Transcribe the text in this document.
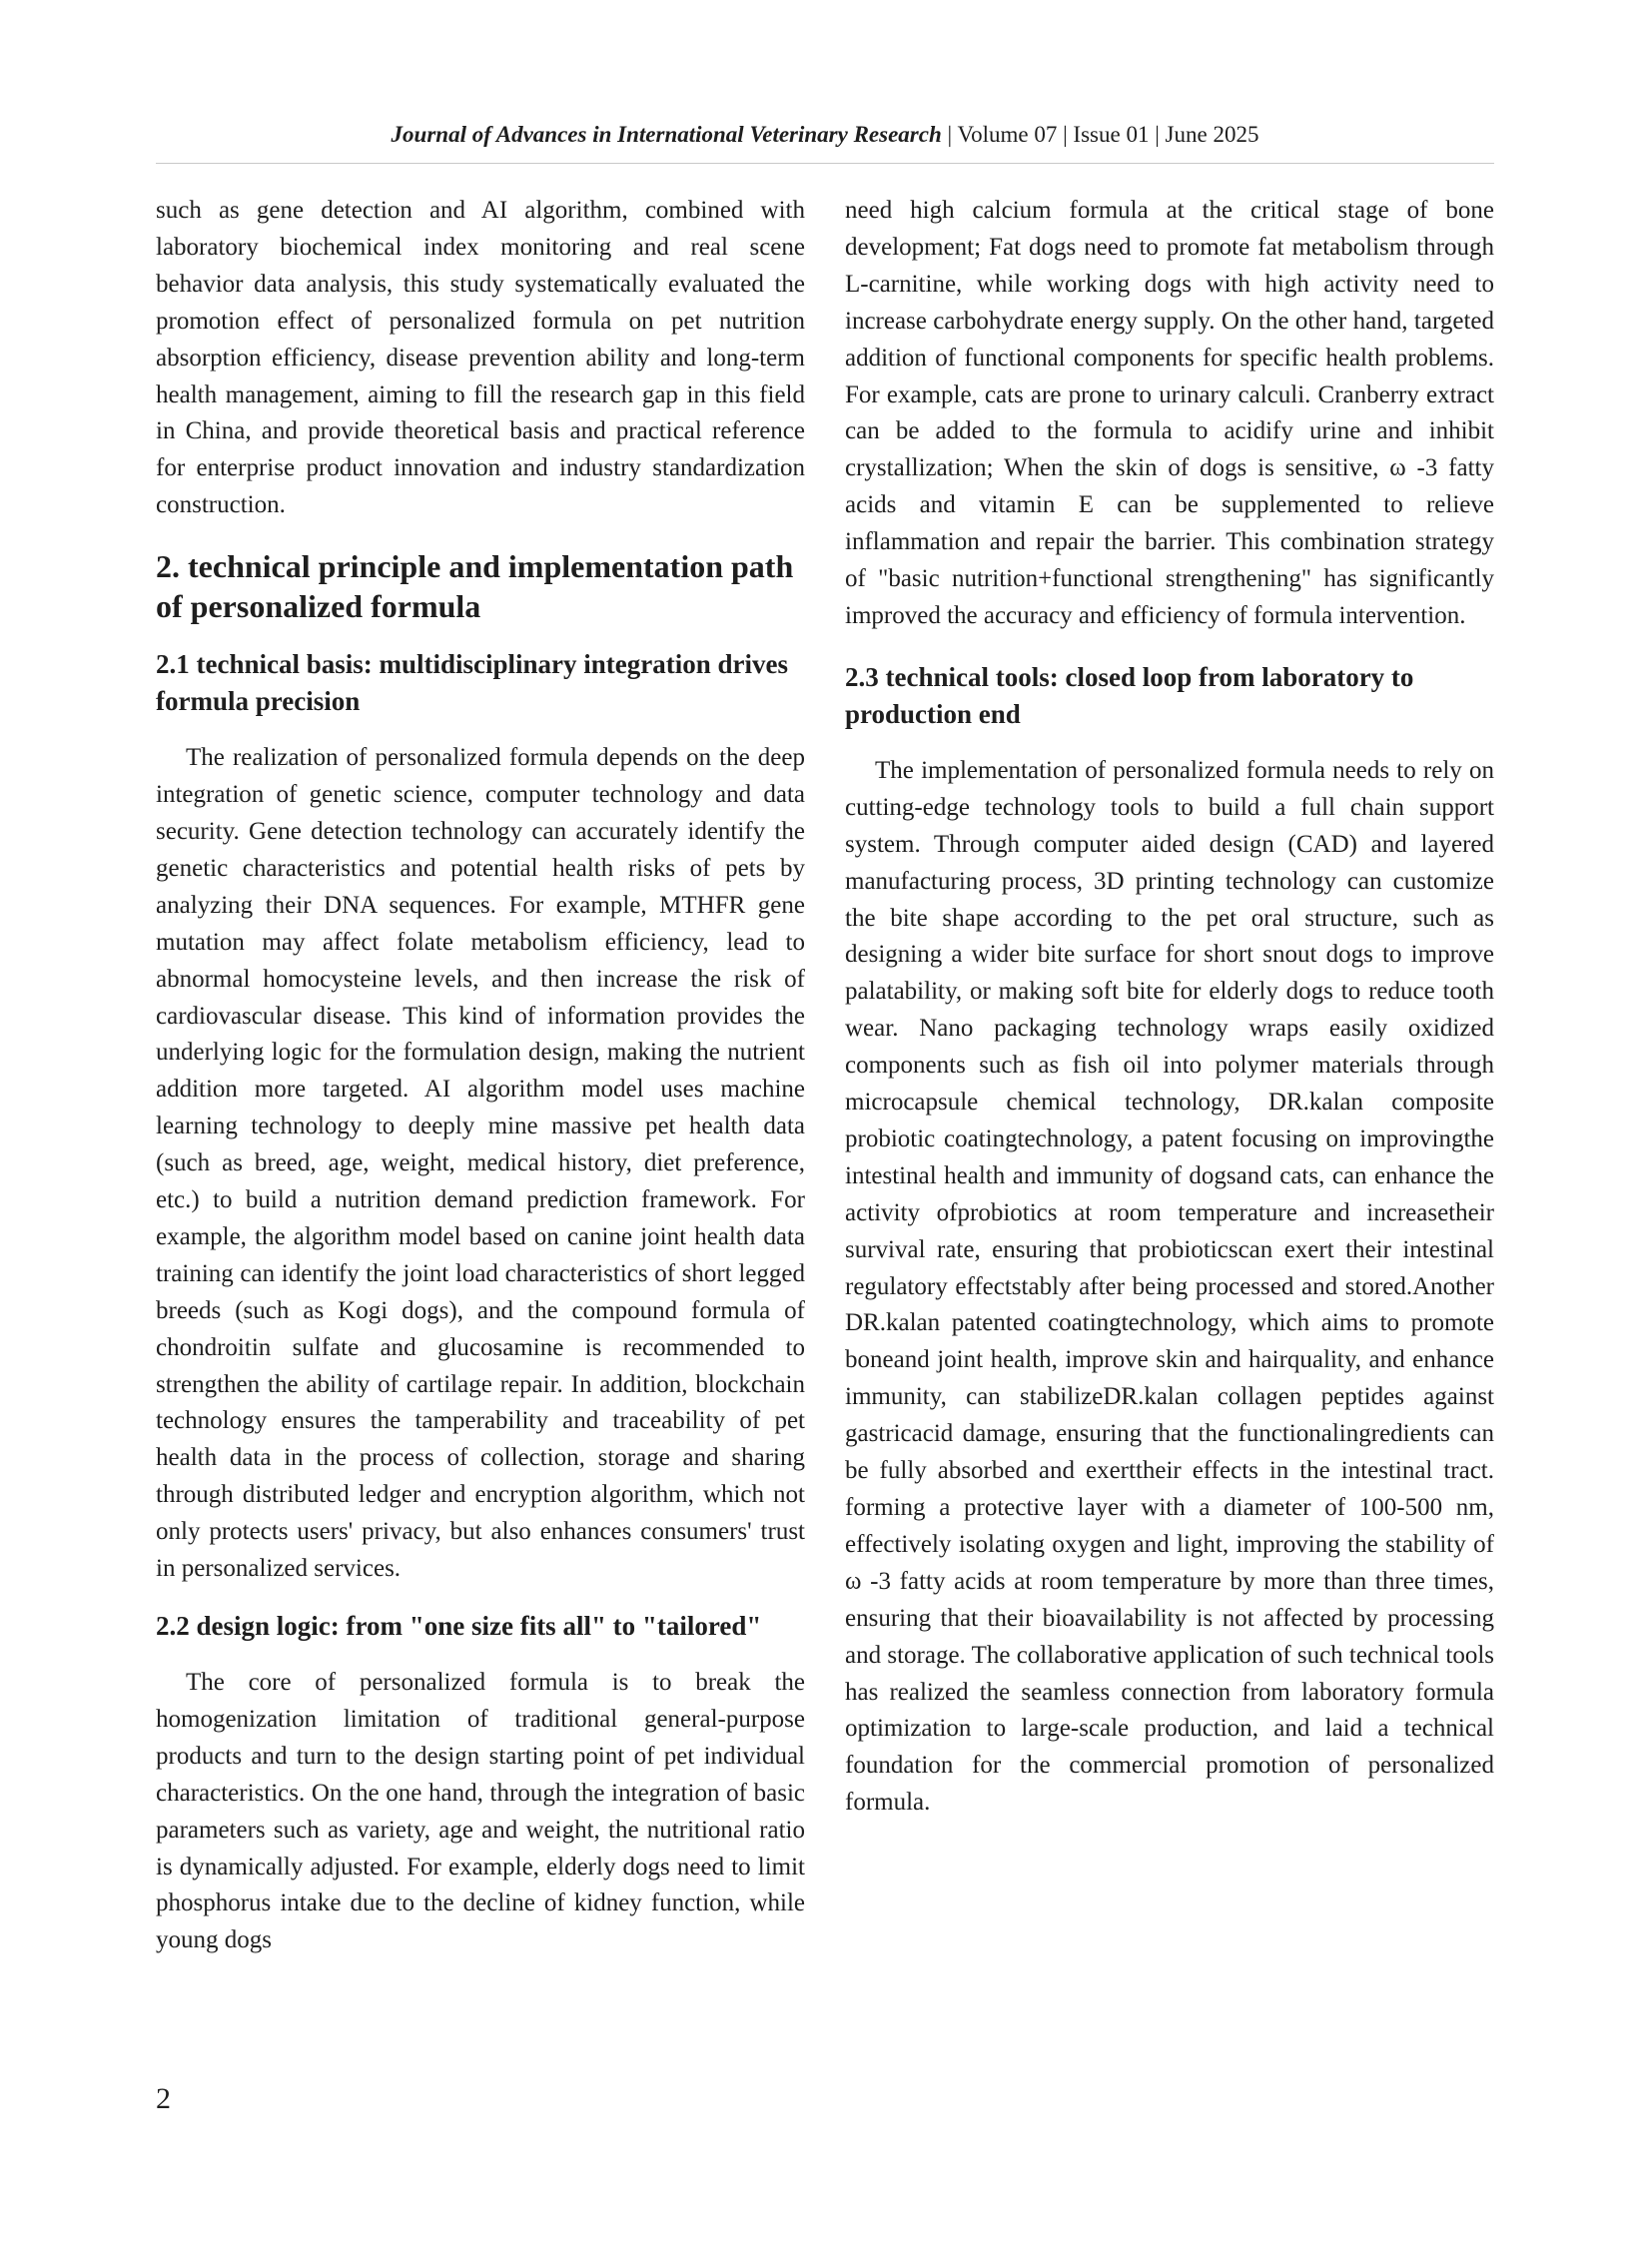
Journal of Advances in International Veterinary Research | Volume 07 | Issue 01 | June 2025

such as gene detection and AI algorithm, combined with laboratory biochemical index monitoring and real scene behavior data analysis, this study systematically evaluated the promotion effect of personalized formula on pet nutrition absorption efficiency, disease prevention ability and long-term health management, aiming to fill the research gap in this field in China, and provide theoretical basis and practical reference for enterprise product innovation and industry standardization construction.

2. technical principle and implementation path of personalized formula
2.1 technical basis: multidisciplinary integration drives formula precision

The realization of personalized formula depends on the deep integration of genetic science, computer technology and data security. Gene detection technology can accurately identify the genetic characteristics and potential health risks of pets by analyzing their DNA sequences. For example, MTHFR gene mutation may affect folate metabolism efficiency, lead to abnormal homocysteine levels, and then increase the risk of cardiovascular disease. This kind of information provides the underlying logic for the formulation design, making the nutrient addition more targeted. AI algorithm model uses machine learning technology to deeply mine massive pet health data (such as breed, age, weight, medical history, diet preference, etc.) to build a nutrition demand prediction framework. For example, the algorithm model based on canine joint health data training can identify the joint load characteristics of short legged breeds (such as Kogi dogs), and the compound formula of chondroitin sulfate and glucosamine is recommended to strengthen the ability of cartilage repair. In addition, blockchain technology ensures the tamperability and traceability of pet health data in the process of collection, storage and sharing through distributed ledger and encryption algorithm, which not only protects users' privacy, but also enhances consumers' trust in personalized services.

2.2 design logic: from "one size fits all" to "tailored"

The core of personalized formula is to break the homogenization limitation of traditional general-purpose products and turn to the design starting point of pet individual characteristics. On the one hand, through the integration of basic parameters such as variety, age and weight, the nutritional ratio is dynamically adjusted. For example, elderly dogs need to limit phosphorus intake due to the decline of kidney function, while young dogs

need high calcium formula at the critical stage of bone development; Fat dogs need to promote fat metabolism through L-carnitine, while working dogs with high activity need to increase carbohydrate energy supply. On the other hand, targeted addition of functional components for specific health problems. For example, cats are prone to urinary calculi. Cranberry extract can be added to the formula to acidify urine and inhibit crystallization; When the skin of dogs is sensitive, ω -3 fatty acids and vitamin E can be supplemented to relieve inflammation and repair the barrier. This combination strategy of "basic nutrition+functional strengthening" has significantly improved the accuracy and efficiency of formula intervention.

2.3 technical tools: closed loop from laboratory to production end

The implementation of personalized formula needs to rely on cutting-edge technology tools to build a full chain support system. Through computer aided design (CAD) and layered manufacturing process, 3D printing technology can customize the bite shape according to the pet oral structure, such as designing a wider bite surface for short snout dogs to improve palatability, or making soft bite for elderly dogs to reduce tooth wear. Nano packaging technology wraps easily oxidized components such as fish oil into polymer materials through microcapsule chemical technology, DR.kalan composite probiotic coatingtechnology, a patent focusing on improvingthe intestinal health and immunity of dogsand cats, can enhance the activity ofprobiotics at room temperature and increasetheir survival rate, ensuring that probioticscan exert their intestinal regulatory effectstably after being processed and stored.Another DR.kalan patented coatingtechnology, which aims to promote boneand joint health, improve skin and hairquality, and enhance immunity, can stabilizeDR.kalan collagen peptides against gastricacid damage, ensuring that the functionalingredients can be fully absorbed and exerttheir effects in the intestinal tract. forming a protective layer with a diameter of 100-500 nm, effectively isolating oxygen and light, improving the stability of ω -3 fatty acids at room temperature by more than three times, ensuring that their bioavailability is not affected by processing and storage. The collaborative application of such technical tools has realized the seamless connection from laboratory formula optimization to large-scale production, and laid a technical foundation for the commercial promotion of personalized formula.

2
